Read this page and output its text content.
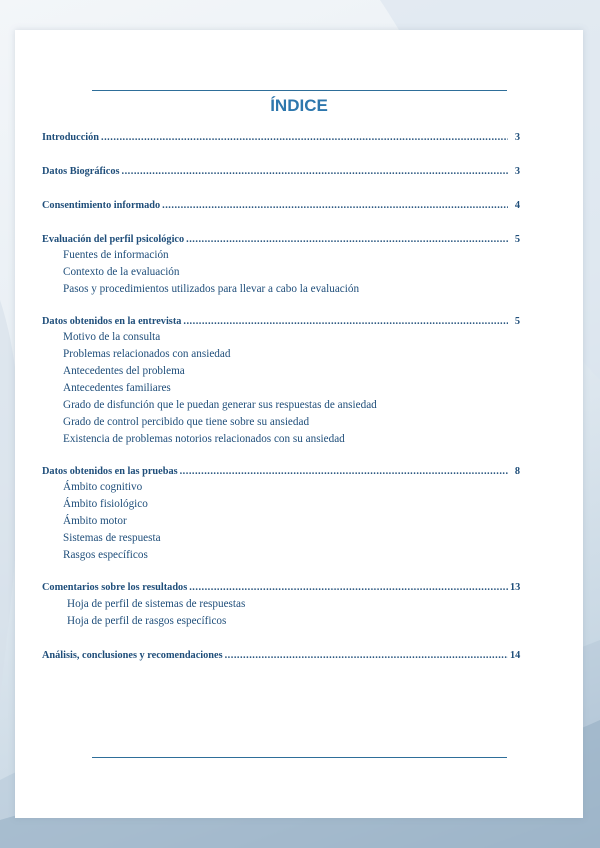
ÍNDICE
Introducción .....	3
Datos Biográficos .....	3
Consentimiento informado .....	4
Evaluación del perfil psicológico .....	5
Fuentes de información
Contexto de la evaluación
Pasos y procedimientos utilizados para llevar a cabo la evaluación
Datos obtenidos en la entrevista .....	5
Motivo de la consulta
Problemas relacionados con ansiedad
Antecedentes del problema
Antecedentes familiares
Grado de disfunción que le puedan generar sus respuestas de ansiedad
Grado de control percibido que tiene sobre su ansiedad
Existencia de problemas notorios relacionados con su ansiedad
Datos obtenidos en las pruebas .....	8
Ámbito cognitivo
Ámbito fisiológico
Ámbito motor
Sistemas de respuesta
Rasgos específicos
Comentarios sobre los resultados .....	13
Hoja de perfil de sistemas de respuestas
Hoja de perfil de rasgos específicos
Análisis, conclusiones y recomendaciones .....	14
